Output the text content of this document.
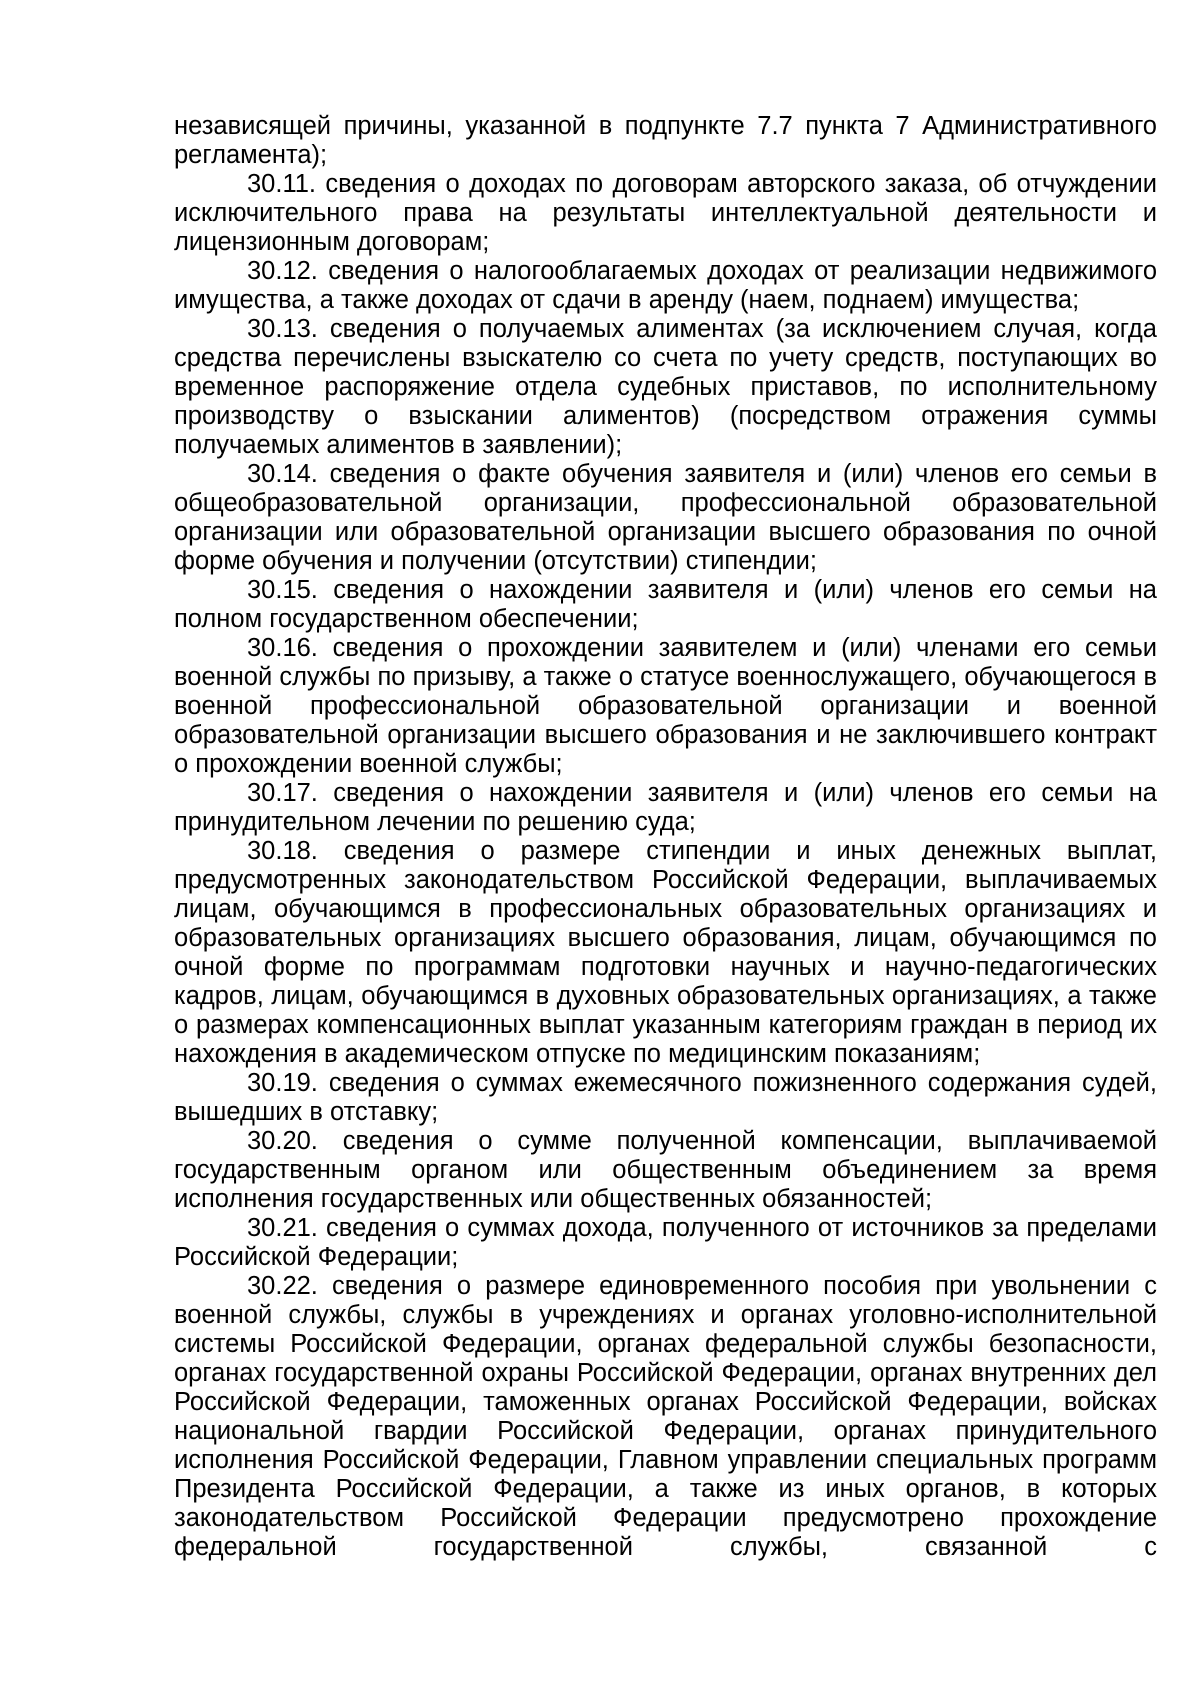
независящей причины, указанной в подпункте 7.7 пункта 7 Административного регламента);

30.11. сведения о доходах по договорам авторского заказа, об отчуждении исключительного права на результаты интеллектуальной деятельности и лицензионным договорам;

30.12. сведения о налогооблагаемых доходах от реализации недвижимого имущества, а также доходах от сдачи в аренду (наем, поднаем) имущества;

30.13. сведения о получаемых алиментах (за исключением случая, когда средства перечислены взыскателю со счета по учету средств, поступающих во временное распоряжение отдела судебных приставов, по исполнительному производству о взыскании алиментов) (посредством отражения суммы получаемых алиментов в заявлении);

30.14. сведения о факте обучения заявителя и (или) членов его семьи в общеобразовательной организации, профессиональной образовательной организации или образовательной организации высшего образования по очной форме обучения и получении (отсутствии) стипендии;

30.15. сведения о нахождении заявителя и (или) членов его семьи на полном государственном обеспечении;

30.16. сведения о прохождении заявителем и (или) членами его семьи военной службы по призыву, а также о статусе военнослужащего, обучающегося в военной профессиональной образовательной организации и военной образовательной организации высшего образования и не заключившего контракт о прохождении военной службы;

30.17. сведения о нахождении заявителя и (или) членов его семьи на принудительном лечении по решению суда;

30.18. сведения о размере стипендии и иных денежных выплат, предусмотренных законодательством Российской Федерации, выплачиваемых лицам, обучающимся в профессиональных образовательных организациях и образовательных организациях высшего образования, лицам, обучающимся по очной форме по программам подготовки научных и научно-педагогических кадров, лицам, обучающимся в духовных образовательных организациях, а также о размерах компенсационных выплат указанным категориям граждан в период их нахождения в академическом отпуске по медицинским показаниям;

30.19. сведения о суммах ежемесячного пожизненного содержания судей, вышедших в отставку;

30.20. сведения о сумме полученной компенсации, выплачиваемой государственным органом или общественным объединением за время исполнения государственных или общественных обязанностей;

30.21. сведения о суммах дохода, полученного от источников за пределами Российской Федерации;

30.22. сведения о размере единовременного пособия при увольнении с военной службы, службы в учреждениях и органах уголовно-исполнительной системы Российской Федерации, органах федеральной службы безопасности, органах государственной охраны Российской Федерации, органах внутренних дел Российской Федерации, таможенных органах Российской Федерации, войсках национальной гвардии Российской Федерации, органах принудительного исполнения Российской Федерации, Главном управлении специальных программ Президента Российской Федерации, а также из иных органов, в которых законодательством Российской Федерации предусмотрено прохождение федеральной государственной службы, связанной с
